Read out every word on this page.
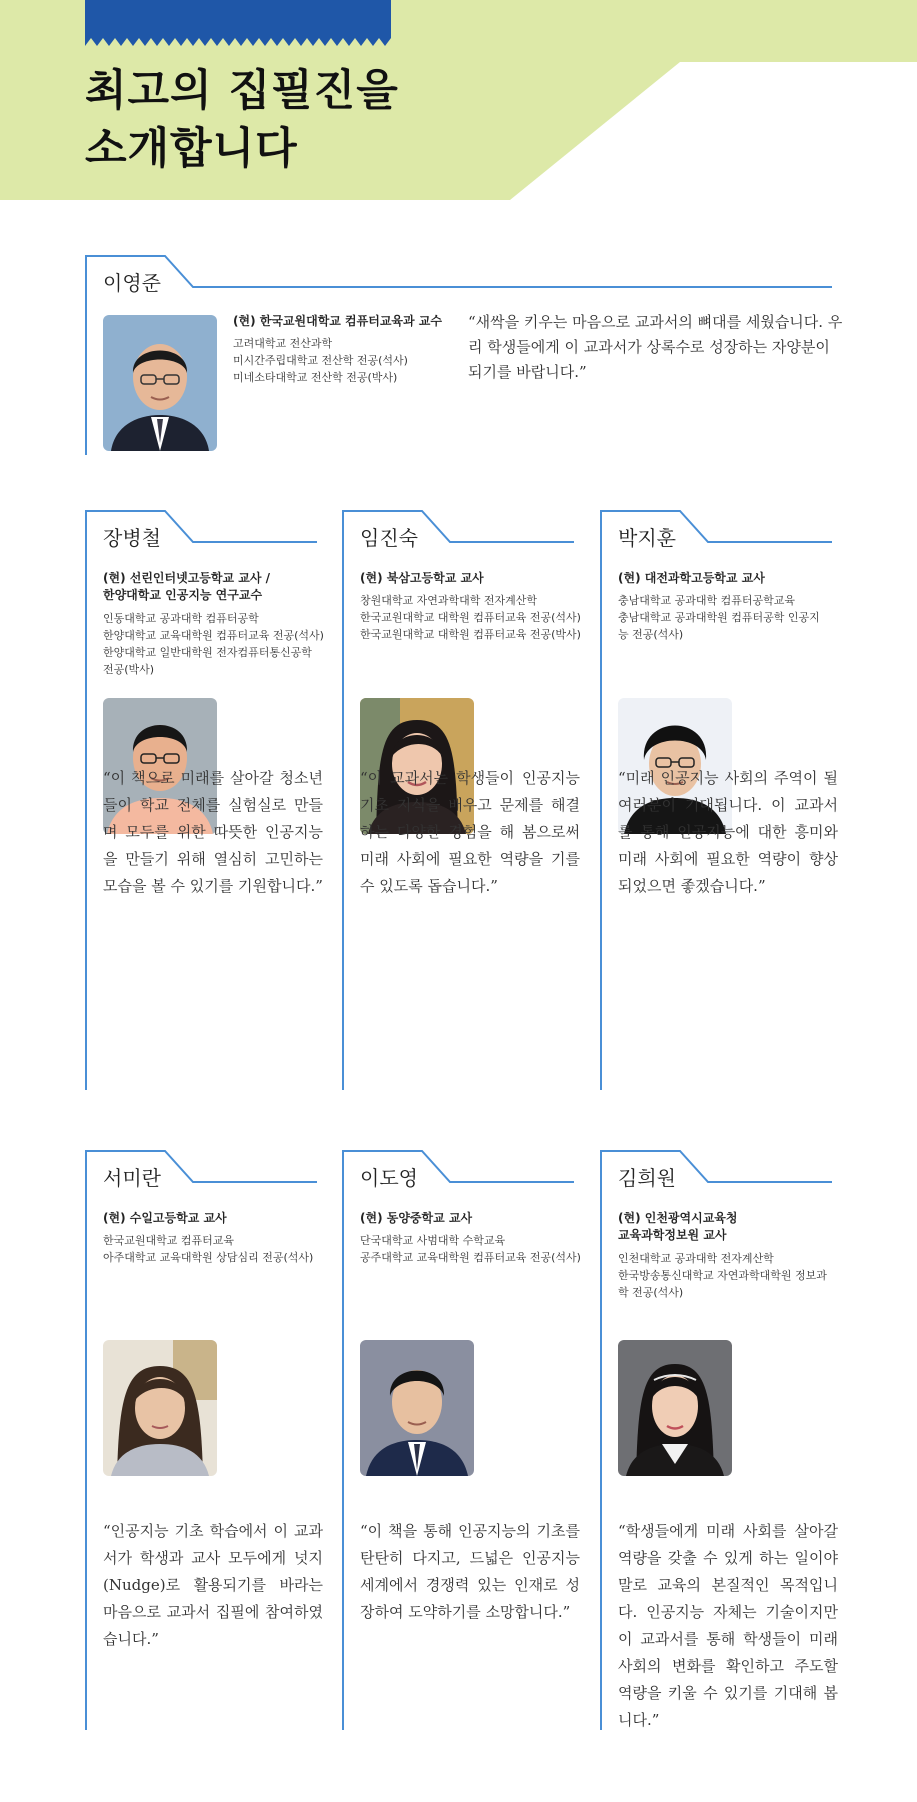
최고의 집필진을
소개합니다
이영준
(현) 한국교원대학교 컴퓨터교육과 교수
고려대학교 전산과학
미시간주립대학교 전산학 전공(석사)
미네소타대학교 전산학 전공(박사)
“새싹을 키우는 마음으로 교과서의 뼈대를 세웠습니다. 우리 학생들에게 이 교과서가 상록수로 성장하는 자양분이 되기를 바랍니다.”
장병철
(현) 선린인터넷고등학교 교사 /
한양대학교 인공지능 연구교수
인동대학교 공과대학 컴퓨터공학
한양대학교 교육대학원 컴퓨터교육 전공(석사)
한양대학교 일반대학원 전자컴퓨터통신공학
전공(박사)
“이 책으로 미래를 살아갈 청소년들이 학교 전체를 실험실로 만들며 모두를 위한 따뜻한 인공지능을 만들기 위해 열심히 고민하는 모습을 볼 수 있기를 기원합니다.”
임진숙
(현) 북삼고등학교 교사
창원대학교 자연과학대학 전자계산학
한국교원대학교 대학원 컴퓨터교육 전공(석사)
한국교원대학교 대학원 컴퓨터교육 전공(박사)
“이 교과서는 학생들이 인공지능 기초 지식을 배우고 문제를 해결하는 다양한 경험을 해 봄으로써 미래 사회에 필요한 역량을 기를 수 있도록 돕습니다.”
박지훈
(현) 대전과학고등학교 교사
충남대학교 공과대학 컴퓨터공학교육
충남대학교 공과대학원 컴퓨터공학 인공지
능 전공(석사)
“미래 인공지능 사회의 주역이 될 여러분이 기대됩니다. 이 교과서를 통해 인공지능에 대한 흥미와 미래 사회에 필요한 역량이 향상되었으면 좋겠습니다.”
서미란
(현) 수일고등학교 교사
한국교원대학교 컴퓨터교육
아주대학교 교육대학원 상담심리 전공(석사)
“인공지능 기초 학습에서 이 교과서가 학생과 교사 모두에게 넛지(Nudge)로 활용되기를 바라는 마음으로 교과서 집필에 참여하였습니다.”
이도영
(현) 동양중학교 교사
단국대학교 사범대학 수학교육
공주대학교 교육대학원 컴퓨터교육 전공(석사)
“이 책을 통해 인공지능의 기초를 탄탄히 다지고, 드넓은 인공지능 세계에서 경쟁력 있는 인재로 성장하여 도약하기를 소망합니다.”
김희원
(현) 인천광역시교육청
교육과학정보원 교사
인천대학교 공과대학 전자계산학
한국방송통신대학교 자연과학대학원 정보과
학 전공(석사)
“학생들에게 미래 사회를 살아갈 역량을 갖출 수 있게 하는 일이야말로 교육의 본질적인 목적입니다. 인공지능 자체는 기술이지만 이 교과서를 통해 학생들이 미래 사회의 변화를 확인하고 주도할 역량을 키울 수 있기를 기대해 봅니다.”
